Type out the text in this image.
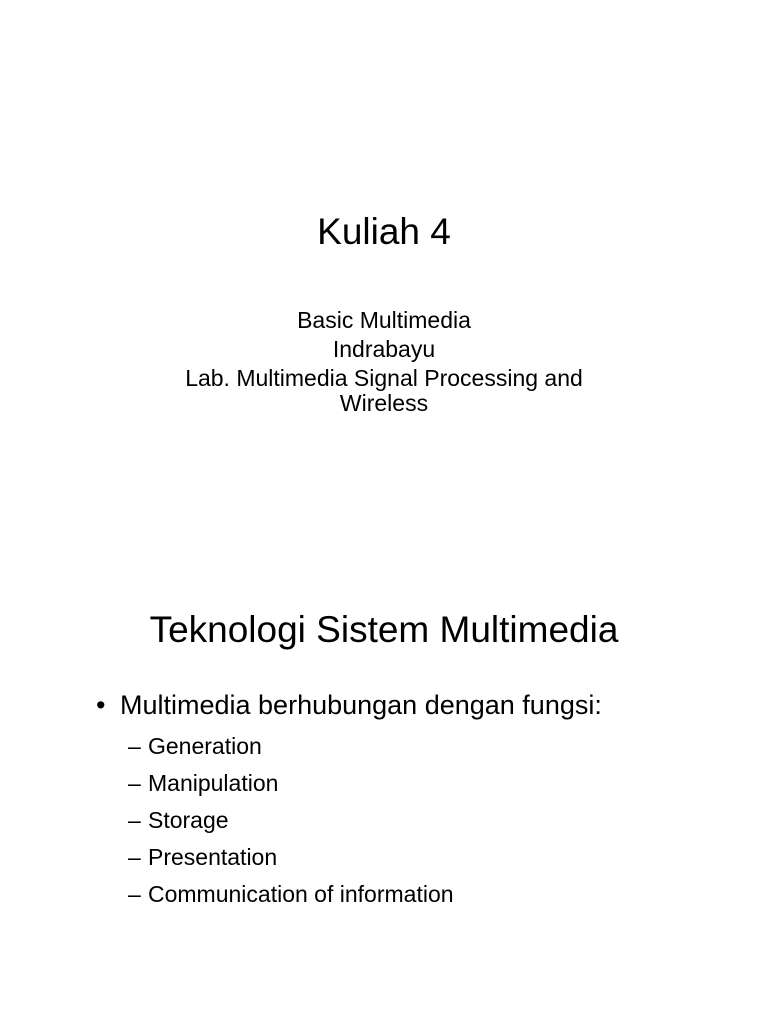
Kuliah 4
Basic Multimedia
Indrabayu
Lab. Multimedia Signal Processing and
Wireless
Teknologi Sistem Multimedia
• Multimedia berhubungan dengan fungsi:
– Generation
– Manipulation
– Storage
– Presentation
– Communication of information
